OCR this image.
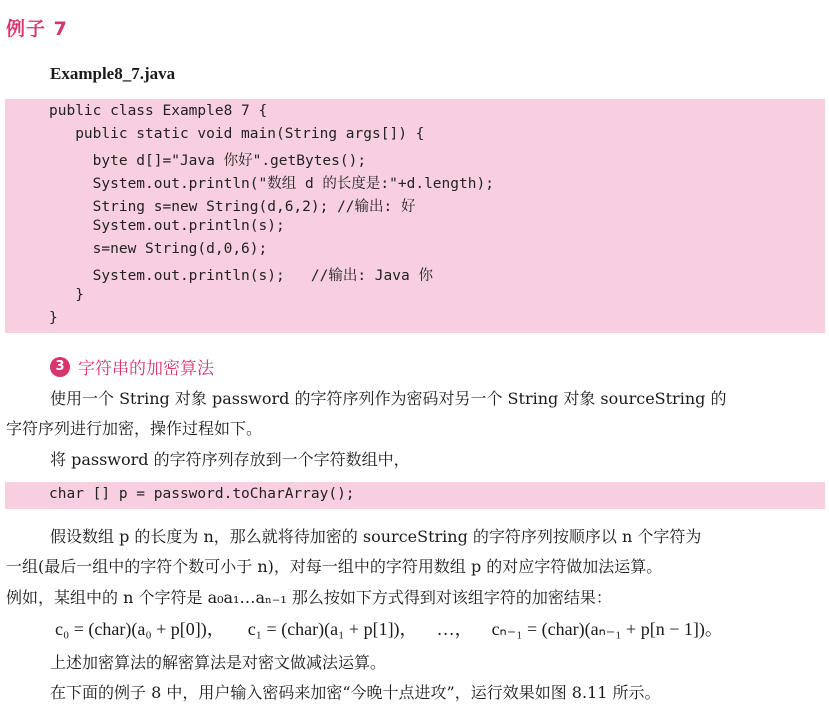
例子 7
Example8_7.java
public class Example8 7 {
public static void main(String args[]) {
byte d[]="Java 你好".getBytes();
System.out.println("数组 d 的长度是:"+d.length);
String s=new String(d,6,2); //输出: 好
System.out.println(s);
s=new String(d,0,6);
System.out.println(s);   //输出: Java 你
}
}
3 字符串的加密算法
使用一个 String 对象 password 的字符序列作为密码对另一个 String 对象 sourceString 的
字符序列进行加密，操作过程如下。
将 password 的字符序列存放到一个字符数组中，
char [] p = password.toCharArray();
假设数组 p 的长度为 n，那么就将待加密的 sourceString 的字符序列按顺序以 n 个字符为
一组(最后一组中的字符个数可小于 n)，对每一组中的字符用数组 p 的对应字符做加法运算。
例如，某组中的 n 个字符是 a₀a₁…aₙ₋₁ 那么按如下方式得到对该组字符的加密结果：
c₀ = (char)(a₀ + p[0])， c₁ = (char)(a₁ + p[1])， …， cₙ₋₁ = (char)(aₙ₋₁ + p[n − 1])。
上述加密算法的解密算法是对密文做减法运算。
在下面的例子 8 中，用户输入密码来加密“今晚十点进攻”，运行效果如图 8.11 所示。
